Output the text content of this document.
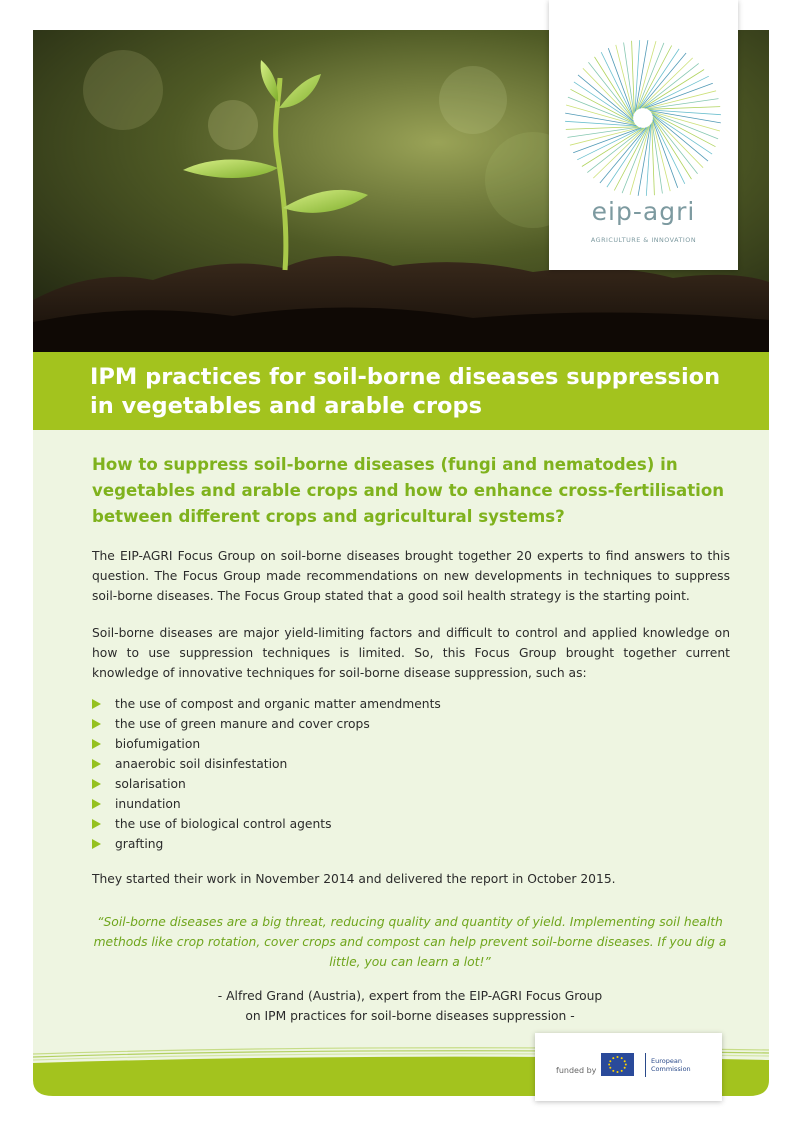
IPM practices for soil-borne diseases suppression in vegetables and arable crops
eip-agri
AGRICULTURE & INNOVATION

How to suppress soil-borne diseases (fungi and nematodes) in vegetables and arable crops and how to enhance cross-fertilisation between different crops and agricultural systems?

The EIP-AGRI Focus Group on soil-borne diseases brought together 20 experts to find answers to this question. The Focus Group made recommendations on new developments in techniques to suppress soil-borne diseases. The Focus Group stated that a good soil health strategy is the starting point.

Soil-borne diseases are major yield-limiting factors and difficult to control and applied knowledge on how to use suppression techniques is limited. So, this Focus Group brought together current knowledge of innovative techniques for soil-borne disease suppression, such as:

the use of compost and organic matter amendments
the use of green manure and cover crops
biofumigation
anaerobic soil disinfestation
solarisation
inundation
the use of biological control agents
grafting

They started their work in November 2014 and delivered the report in October 2015.

“Soil-borne diseases are a big threat, reducing quality and quantity of yield. Implementing soil health methods like crop rotation, cover crops and compost can help prevent soil-borne diseases. If you dig a little, you can learn a lot!”

- Alfred Grand (Austria), expert from the EIP-AGRI Focus Group
on IPM practices for soil-borne diseases suppression -
funded by
European
Commission
